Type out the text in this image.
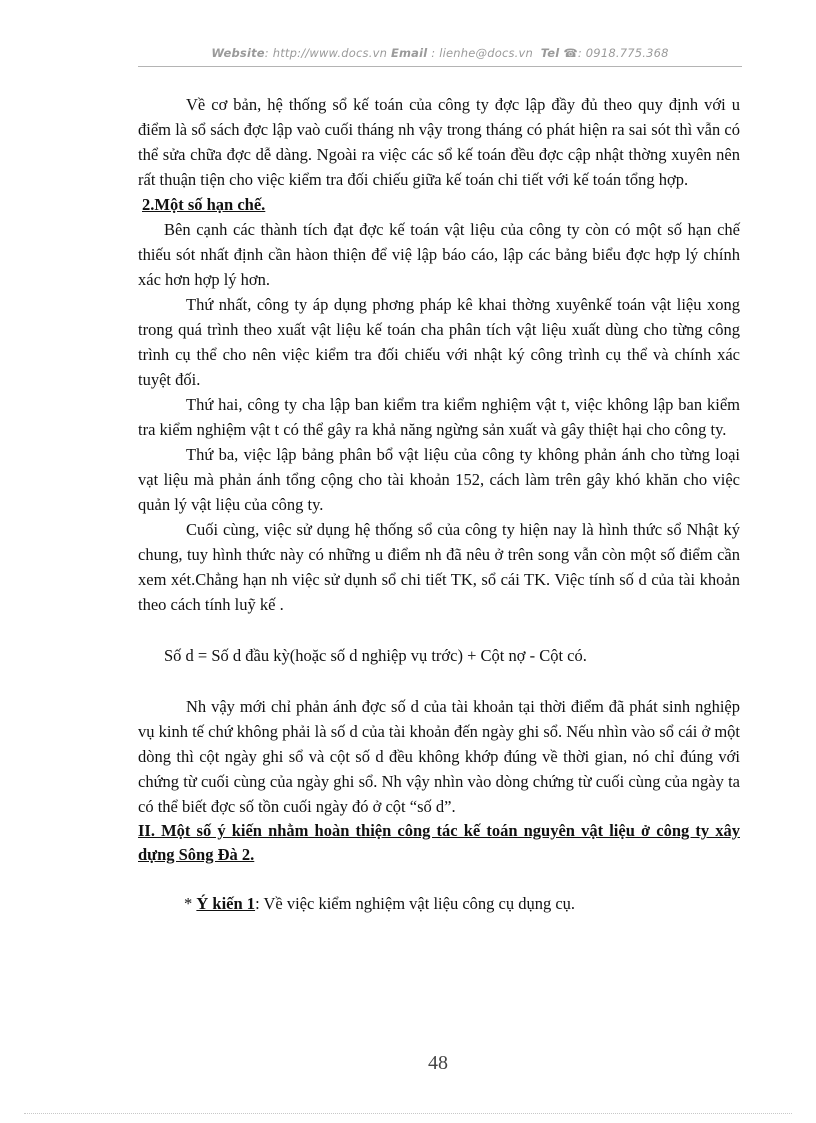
Website: http://www.docs.vn Email : lienhe@docs.vn Tel ☎: 0918.775.368

Về cơ bản, hệ thống sổ kế toán của công ty đợc lập đầy đủ theo quy định với u điểm là sổ sách đợc lập vaò cuối tháng nh vậy trong tháng có phát hiện ra sai sót thì vẫn có thể sửa chữa đợc dễ dàng. Ngoài ra việc các sổ kế toán đều đợc cập nhật thờng xuyên nên rất thuận tiện cho việc kiểm tra đối chiếu giữa kế toán chi tiết với kế toán tổng hợp.

2.Một số hạn chế.

Bên cạnh các thành tích đạt đợc kế toán vật liệu của công ty còn có một số hạn chế thiếu sót nhất định cần hàon thiện để việ lập báo cáo, lập các bảng biểu đợc hợp lý chính xác hơn hợp lý hơn.

Thứ nhất, công ty áp dụng phơng pháp kê khai thờng xuyênkế toán vật liệu xong trong quá trình theo xuất vật liệu kế toán cha phân tích vật liệu xuất dùng cho từng công trình cụ thể cho nên việc kiểm tra đối chiếu với nhật ký công trình cụ thể và chính xác tuyệt đối.

Thứ hai, công ty cha lập ban kiểm tra kiểm nghiệm vật t, việc không lập ban kiểm tra kiểm nghiệm vật t có thể gây ra khả năng ngừng sản xuất và gây thiệt hại cho công ty.

Thứ ba, việc lập bảng phân bổ vật liệu của công ty không phản ánh cho từng loại vạt liệu mà phản ánh tổng cộng cho tài khoản 152, cách làm trên gây khó khăn cho việc quản lý vật liệu của công ty.

Cuối cùng, việc sử dụng hệ thống sổ của công ty hiện nay là hình thức sổ Nhật ký chung, tuy hình thức này có những u điểm nh đã nêu ở trên song vẫn còn một số điểm cần xem xét.Chẳng hạn nh việc sử dụnh sổ chi tiết TK, sổ cái TK. Việc tính số d của tài khoản theo cách tính luỹ kế .

Số d = Số d đầu kỳ(hoặc số d nghiệp vụ trớc) + Cột nợ - Cột có.

Nh vậy mới chỉ phản ánh đợc số d của tài khoản tại thời điểm đã phát sinh nghiệp vụ kinh tế chứ không phải là số d của tài khoản đến ngày ghi sổ. Nếu nhìn vào sổ cái ở một dòng thì cột ngày ghi sổ và cột số d đều không khớp đúng về thời gian, nó chỉ đúng với chứng từ cuối cùng của ngày ghi sổ. Nh vậy nhìn vào dòng chứng từ cuối cùng của ngày ta có thể biết đợc số tồn cuối ngày đó ở cột “số d”.

II. Một số ý kiến nhằm hoàn thiện công tác kế toán nguyên vật liệu ở công ty xây dựng Sông Đà 2.

* Ý kiến 1: Về việc kiểm nghiệm vật liệu công cụ dụng cụ.

48
